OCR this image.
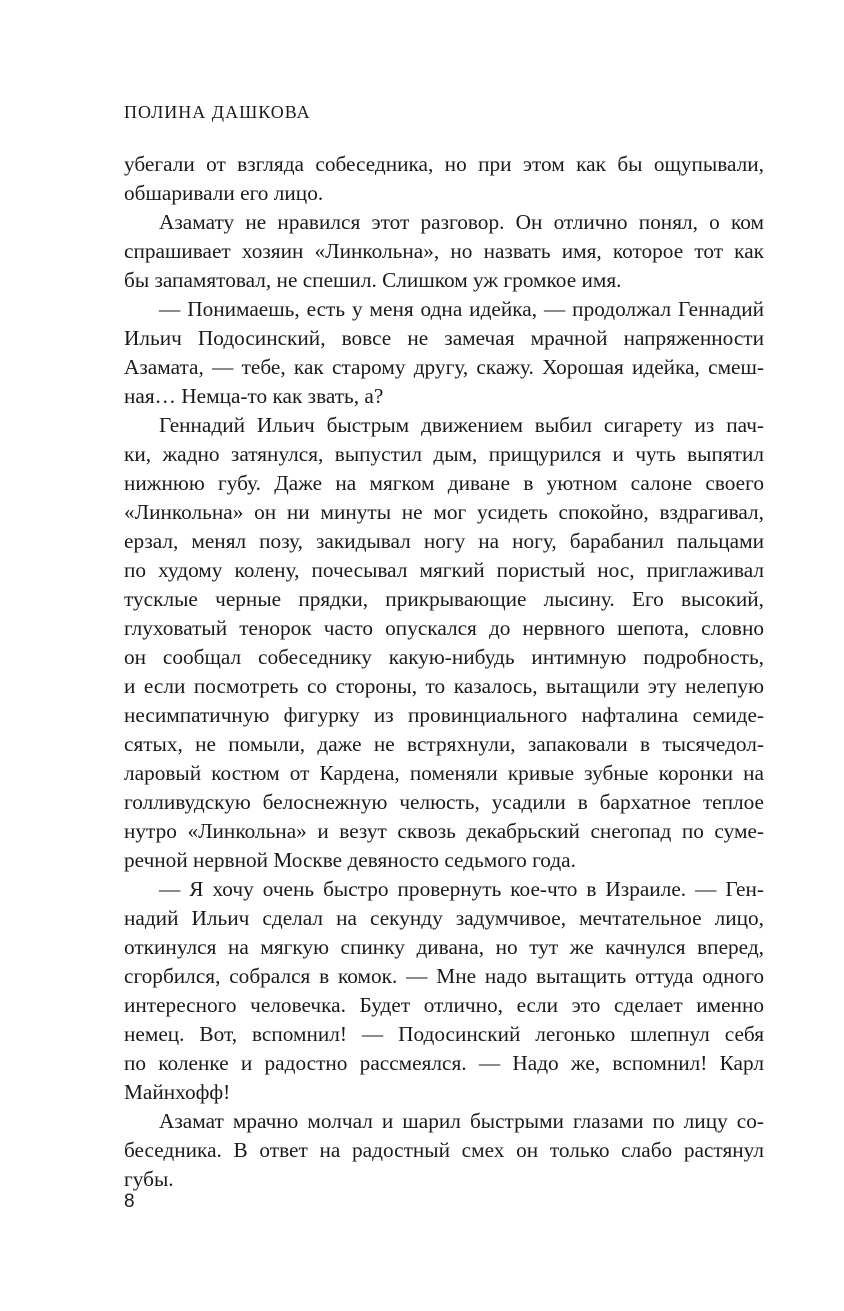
ПОЛИНА ДАШКОВА
убегали от взгляда собеседника, но при этом как бы ощупывали,
обшаривали его лицо.
Азамату не нравился этот разговор. Он отлично понял, о ком
спрашивает хозяин «Линкольна», но назвать имя, которое тот как
бы запамятовал, не спешил. Слишком уж громкое имя.
— Понимаешь, есть у меня одна идейка, — продолжал Геннадий
Ильич Подосинский, вовсе не замечая мрачной напряженности
Азамата, — тебе, как старому другу, скажу. Хорошая идейка, смеш-
ная… Немца-то как звать, а?
Геннадий Ильич быстрым движением выбил сигарету из пач-
ки, жадно затянулся, выпустил дым, прищурился и чуть выпятил
нижнюю губу. Даже на мягком диване в уютном салоне своего
«Линкольна» он ни минуты не мог усидеть спокойно, вздрагивал,
ерзал, менял позу, закидывал ногу на ногу, барабанил пальцами
по худому колену, почесывал мягкий пористый нос, приглаживал
тусклые черные прядки, прикрывающие лысину. Его высокий,
глуховатый тенорок часто опускался до нервного шепота, словно
он сообщал собеседнику какую-нибудь интимную подробность,
и если посмотреть со стороны, то казалось, вытащили эту нелепую
несимпатичную фигурку из провинциального нафталина семиде-
сятых, не помыли, даже не встряхнули, запаковали в тысячедол-
ларовый костюм от Кардена, поменяли кривые зубные коронки на
голливудскую белоснежную челюсть, усадили в бархатное теплое
нутро «Линкольна» и везут сквозь декабрьский снегопад по суме-
речной нервной Москве девяносто седьмого года.
— Я хочу очень быстро провернуть кое-что в Израиле. — Ген-
надий Ильич сделал на секунду задумчивое, мечтательное лицо,
откинулся на мягкую спинку дивана, но тут же качнулся вперед,
сгорбился, собрался в комок. — Мне надо вытащить оттуда одного
интересного человечка. Будет отлично, если это сделает именно
немец. Вот, вспомнил! — Подосинский легонько шлепнул себя
по коленке и радостно рассмеялся. — Надо же, вспомнил! Карл
Майнхофф!
Азамат мрачно молчал и шарил быстрыми глазами по лицу со-
беседника. В ответ на радостный смех он только слабо растянул
губы.
8
